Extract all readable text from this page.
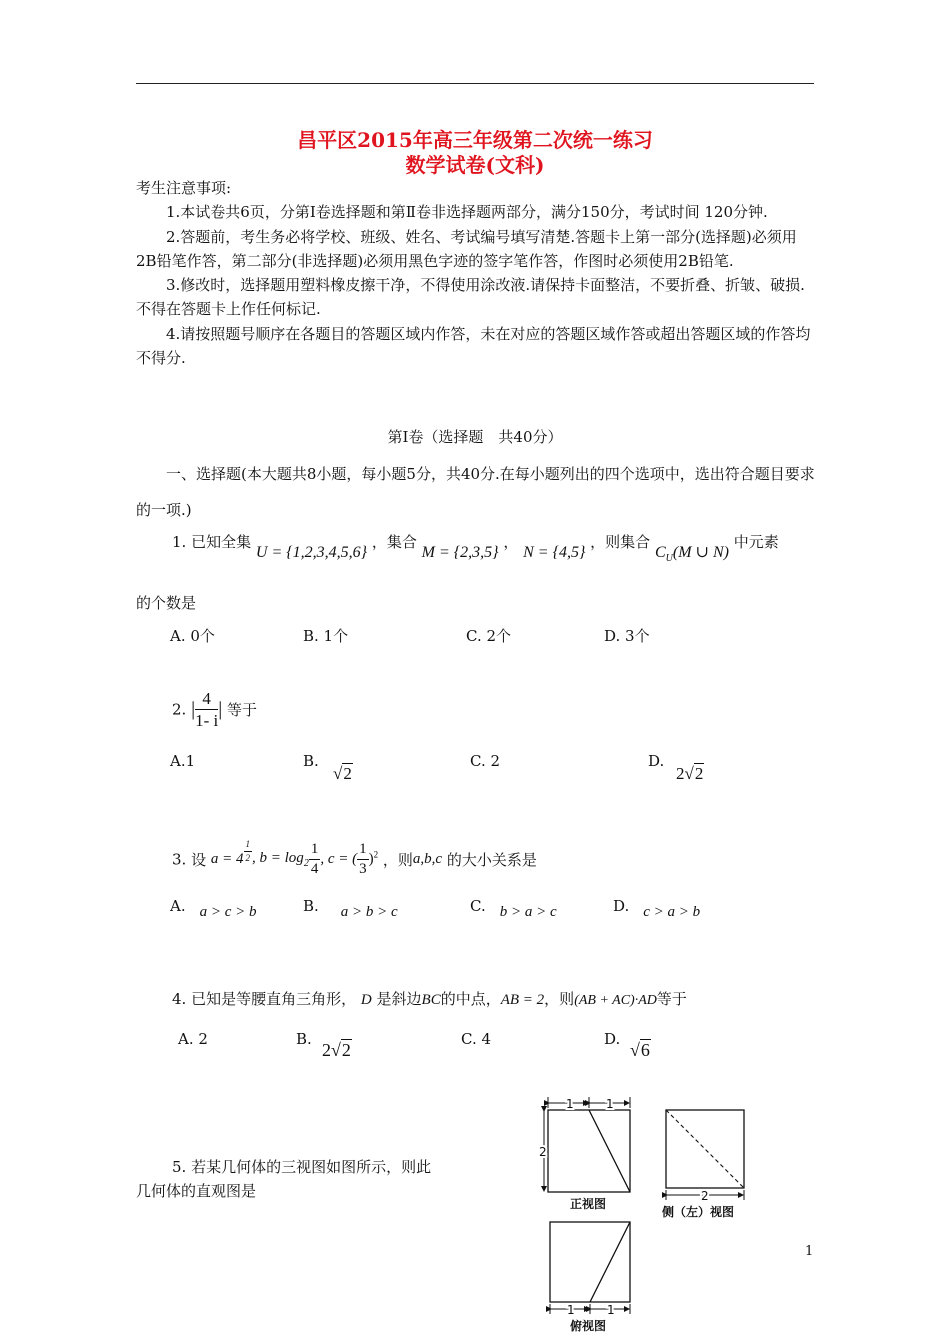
昌平区2015年高三年级第二次统一练习
数学试卷(文科)

考生注意事项:

1.本试卷共6页，分第Ⅰ卷选择题和第Ⅱ卷非选择题两部分，满分150分，考试时间 120分钟.

2.答题前，考生务必将学校、班级、姓名、考试编号填写清楚.答题卡上第一部分(选择题)必须用2B铅笔作答，第二部分(非选择题)必须用黑色字迹的签字笔作答，作图时必须使用2B铅笔.

3.修改时，选择题用塑料橡皮擦干净，不得使用涂改液.请保持卡面整洁，不要折叠、折皱、破损.不得在答题卡上作任何标记.

4.请按照题号顺序在各题目的答题区域内作答，未在对应的答题区域作答或超出答题区域的作答均不得分.

第Ⅰ卷（选择题　共40分）
一、选择题(本大题共8小题，每小题5分，共40分.在每小题列出的四个选项中，选出符合题目要求的一项.)
1. 已知全集 U = {1,2,3,4,5,6} ，集合 M = {2,3,5} ， N = {4,5} ，则集合 $C_U(M$ ∪ N) 中元素
的个数是
A. 0个	B. 1个	C. 2个	D. 3个
2. | $\frac{4}{1- i}$ | 等于
A.1	B.
√2
C. 2	D.
2√2
3. 设 a = 4 $^{\frac{1}{2}}$ , $b = \log_2 \frac{1}{4}$ , c = ( $\frac{1}{3} )^2$ ，则a,b,c 的大小关系是
A. a > c > b	B. a > b > c	C. b > a > c	D. c > a > b
4. 已知是等腰直角三角形， D 是斜边BC的中点，AB = 2，则(AB + AC)·AD等于
A. 2	B.
2√2
C. 4	D.
√6
5. 若某几何体的三视图如图所示，则此
几何体的直观图是
1	1
2
正视图
2
侧（左）视图
1	1
俯视图
1
